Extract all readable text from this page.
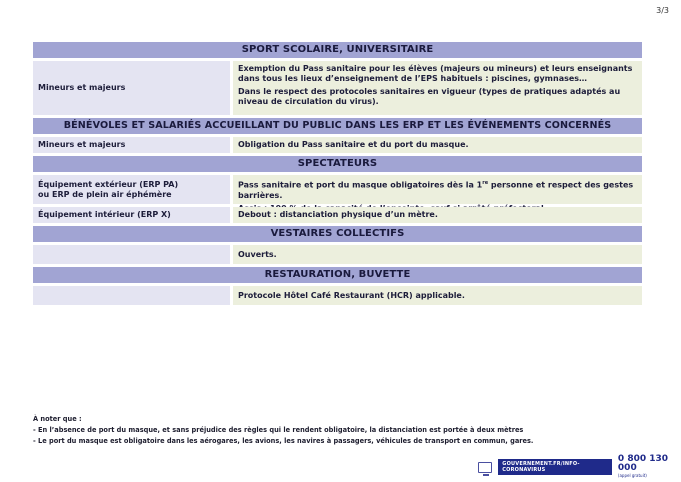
3/3
SPORT SCOLAIRE, UNIVERSITAIRE
Mineurs et majeurs

Exemption du Pass sanitaire pour les élèves (majeurs ou mineurs) et leurs enseignants dans tous les lieux d’enseignement de l’EPS habituels : piscines, gymnases…

Dans le respect des protocoles sanitaires en vigueur (types de pratiques adaptés au niveau de circulation du virus).

BÉNÉVOLES ET SALARIÉS ACCUEILLANT DU PUBLIC DANS LES ERP ET LES ÉVÉNEMENTS CONCERNÉS
Mineurs et majeurs	Obligation du Pass sanitaire et du port du masque.

SPECTATEURS
Équipement extérieur (ERP PA)
ou ERP de plein air éphémère

Pass sanitaire et port du masque obligatoires dès la 1re personne et respect des gestes barrières.

Équipement intérieur (ERP X)	Debout : distanciation physique d’un mètre.

VESTAIRES COLLECTIFS

Ouverts.

RESTAURATION, BUVETTE

Protocole Hôtel Café Restaurant (HCR) applicable.

À noter que :
- En l’absence de port du masque, et sans préjudice des règles qui le rendent obligatoire, la distanciation est portée à deux mètres
- Le port du masque est obligatoire dans les aérogares, les avions, les navires à passagers, véhicules de transport en commun, gares.
GOUVERNEMENT.FR/INFO-CORONAVIRUS
0 800 130 000
(appel gratuit)
